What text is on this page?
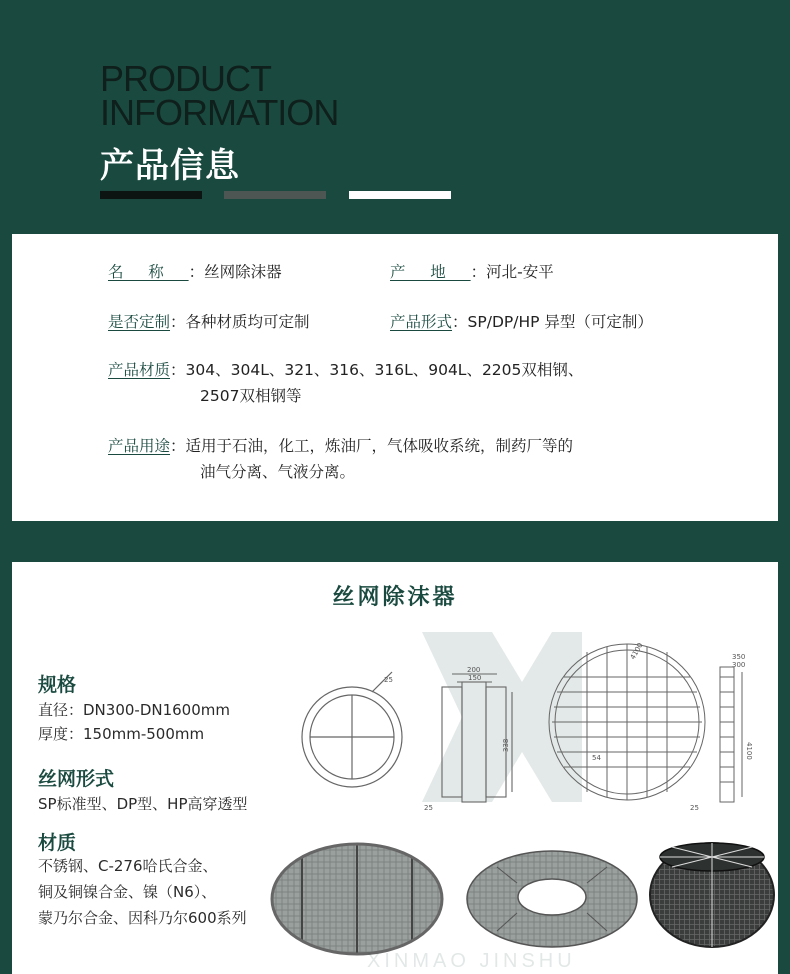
PRODUCT
INFORMATION
产品信息
名称：丝网除沫器	产地：河北-安平
是否定制：各种材质均可定制	产品形式：SP/DP/HP 异型（可定制）
产品材质：304、304L、321、316、316L、904L、2205双相钢、
2507双相钢等
产品用途：适用于石油，化工，炼油厂，气体吸收系统，制药厂等的
油气分离、气液分离。
丝网除沫器
规格
直径：DN300-DN1600mm
厚度：150mm-500mm
丝网形式
SP标准型、DP型、HP高穿透型
材质
不锈钢、C-276哈氏合金、
铜及铜镍合金、镍（N6）、
蒙乃尔合金、因科乃尔600系列
25
200
150
338
25
4100
54
350
300
4100
25
XINMAO JINSHU
